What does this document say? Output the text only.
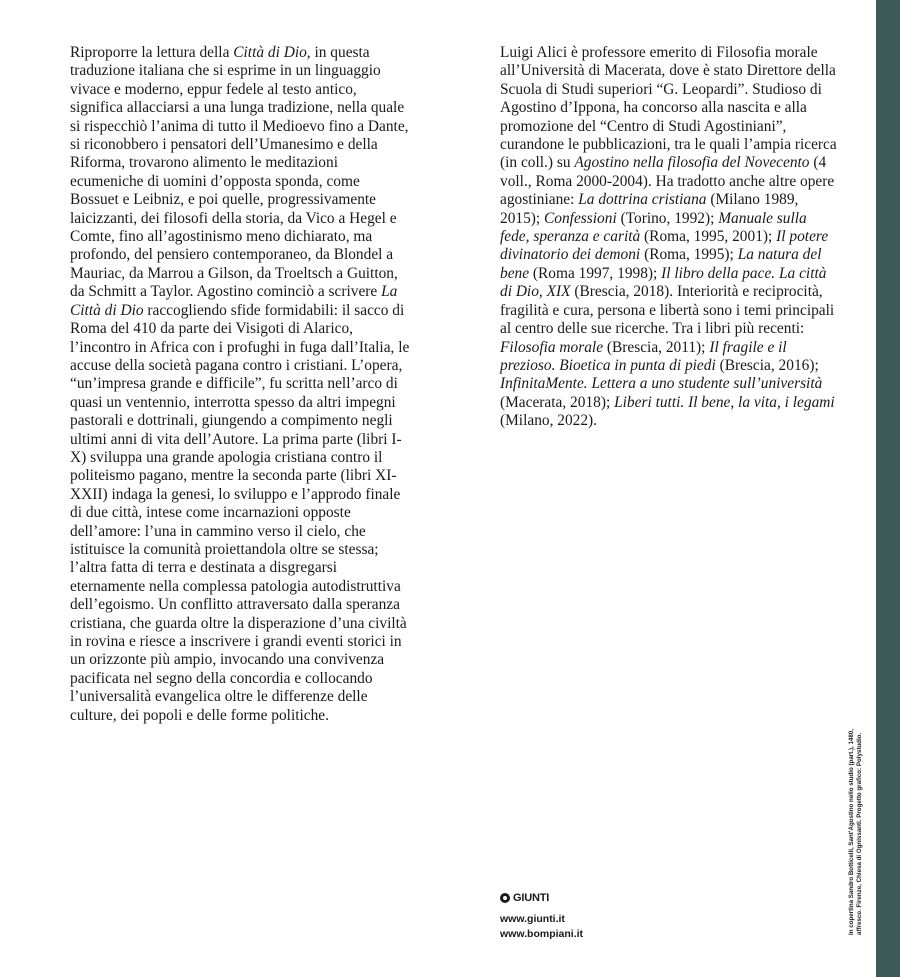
Riproporre la lettura della Città di Dio, in questa traduzione italiana che si esprime in un linguaggio vivace e moderno, eppur fedele al testo antico, significa allacciarsi a una lunga tradizione, nella quale si rispecchiò l’anima di tutto il Medioevo fino a Dante, si riconobbero i pensatori dell’Umanesimo e della Riforma, trovarono alimento le meditazioni ecumeniche di uomini d’opposta sponda, come Bossuet e Leibniz, e poi quelle, progressivamente laicizzanti, dei filosofi della storia, da Vico a Hegel e Comte, fino all’agostinismo meno dichiarato, ma profondo, del pensiero contemporaneo, da Blondel a Mauriac, da Marrou a Gilson, da Troeltsch a Guitton, da Schmitt a Taylor. Agostino cominciò a scrivere La Città di Dio raccogliendo sfide formidabili: il sacco di Roma del 410 da parte dei Visigoti di Alarico, l’incontro in Africa con i profughi in fuga dall’Italia, le accuse della società pagana contro i cristiani. L’opera, “un’impresa grande e difficile”, fu scritta nell’arco di quasi un ventennio, interrotta spesso da altri impegni pastorali e dottrinali, giungendo a compimento negli ultimi anni di vita dell’Autore. La prima parte (libri I-X) sviluppa una grande apologia cristiana contro il politeismo pagano, mentre la seconda parte (libri XI-XXII) indaga la genesi, lo sviluppo e l’approdo finale di due città, intese come incarnazioni opposte dell’amore: l’una in cammino verso il cielo, che istituisce la comunità proiettandola oltre se stessa; l’altra fatta di terra e destinata a disgregarsi eternamente nella complessa patologia autodistruttiva dell’egoismo. Un conflitto attraversato dalla speranza cristiana, che guarda oltre la disperazione d’una civiltà in rovina e riesce a inscrivere i grandi eventi storici in un orizzonte più ampio, invocando una convivenza pacificata nel segno della concordia e collocando l’universalità evangelica oltre le differenze delle culture, dei popoli e delle forme politiche.

Luigi Alici è professore emerito di Filosofia morale all’Università di Macerata, dove è stato Direttore della Scuola di Studi superiori “G. Leopardi”. Studioso di Agostino d’Ippona, ha concorso alla nascita e alla promozione del “Centro di Studi Agostiniani”, curandone le pubblicazioni, tra le quali l’ampia ricerca (in coll.) su Agostino nella filosofia del Novecento (4 voll., Roma 2000-2004). Ha tradotto anche altre opere agostiniane: La dottrina cristiana (Milano 1989, 2015); Confessioni (Torino, 1992); Manuale sulla fede, speranza e carità (Roma, 1995, 2001); Il potere divinatorio dei demoni (Roma, 1995); La natura del bene (Roma 1997, 1998); Il libro della pace. La città di Dio, XIX (Brescia, 2018). Interiorità e reciprocità, fragilità e cura, persona e libertà sono i temi principali al centro delle sue ricerche. Tra i libri più recenti: Filosofia morale (Brescia, 2011); Il fragile e il prezioso. Bioetica in punta di piedi (Brescia, 2016); InfinitaMente. Lettera a uno studente sull’università (Macerata, 2018); Liberi tutti. Il bene, la vita, i legami (Milano, 2022).

GIUNTI
www.giunti.it
www.bompiani.it	In copertina Sandro Botticelli, Sant’Agostino nello studio (part.), 1480, affresco. Firenze, Chiesa di Ognissanti. Progetto grafico: Polystudio.
